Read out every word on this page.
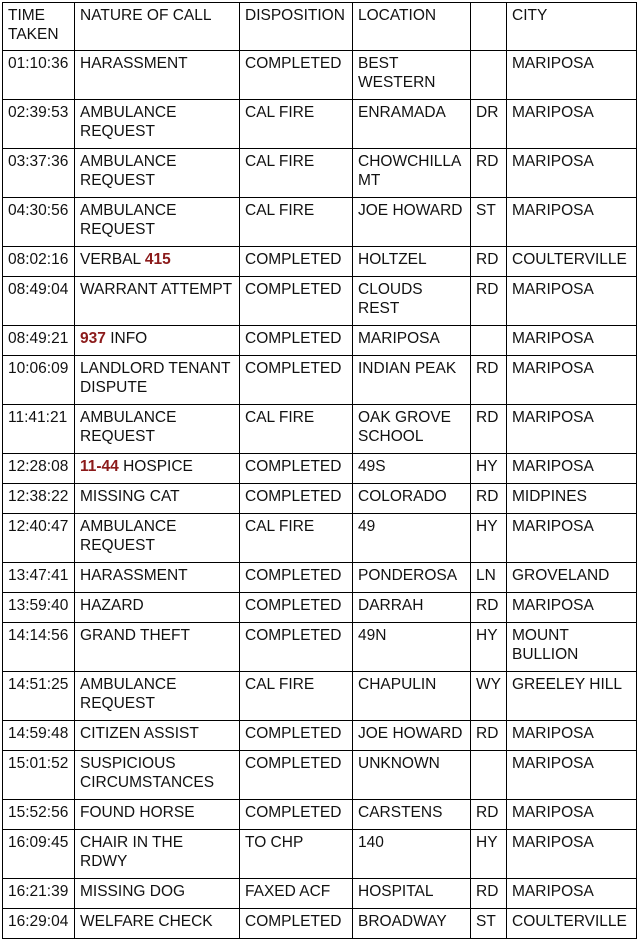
TIME TAKEN	NATURE OF CALL	DISPOSITION	LOCATION		CITY
01:10:36	HARASSMENT	COMPLETED	BEST WESTERN		MARIPOSA
02:39:53	AMBULANCE REQUEST	CAL FIRE	ENRAMADA	DR	MARIPOSA
03:37:36	AMBULANCE REQUEST	CAL FIRE	CHOWCHILLA MT	RD	MARIPOSA
04:30:56	AMBULANCE REQUEST	CAL FIRE	JOE HOWARD	ST	MARIPOSA
08:02:16	VERBAL 415	COMPLETED	HOLTZEL	RD	COULTERVILLE
08:49:04	WARRANT ATTEMPT	COMPLETED	CLOUDS REST	RD	MARIPOSA
08:49:21	937 INFO	COMPLETED	MARIPOSA		MARIPOSA
10:06:09	LANDLORD TENANT DISPUTE	COMPLETED	INDIAN PEAK	RD	MARIPOSA
11:41:21	AMBULANCE REQUEST	CAL FIRE	OAK GROVE SCHOOL	RD	MARIPOSA
12:28:08	11-44 HOSPICE	COMPLETED	49S	HY	MARIPOSA
12:38:22	MISSING CAT	COMPLETED	COLORADO	RD	MIDPINES
12:40:47	AMBULANCE REQUEST	CAL FIRE	49	HY	MARIPOSA
13:47:41	HARASSMENT	COMPLETED	PONDEROSA	LN	GROVELAND
13:59:40	HAZARD	COMPLETED	DARRAH	RD	MARIPOSA
14:14:56	GRAND THEFT	COMPLETED	49N	HY	MOUNT BULLION
14:51:25	AMBULANCE REQUEST	CAL FIRE	CHAPULIN	WY	GREELEY HILL
14:59:48	CITIZEN ASSIST	COMPLETED	JOE HOWARD	RD	MARIPOSA
15:01:52	SUSPICIOUS CIRCUMSTANCES	COMPLETED	UNKNOWN		MARIPOSA
15:52:56	FOUND HORSE	COMPLETED	CARSTENS	RD	MARIPOSA
16:09:45	CHAIR IN THE RDWY	TO CHP	140	HY	MARIPOSA
16:21:39	MISSING DOG	FAXED ACF	HOSPITAL	RD	MARIPOSA
16:29:04	WELFARE CHECK	COMPLETED	BROADWAY	ST	COULTERVILLE
